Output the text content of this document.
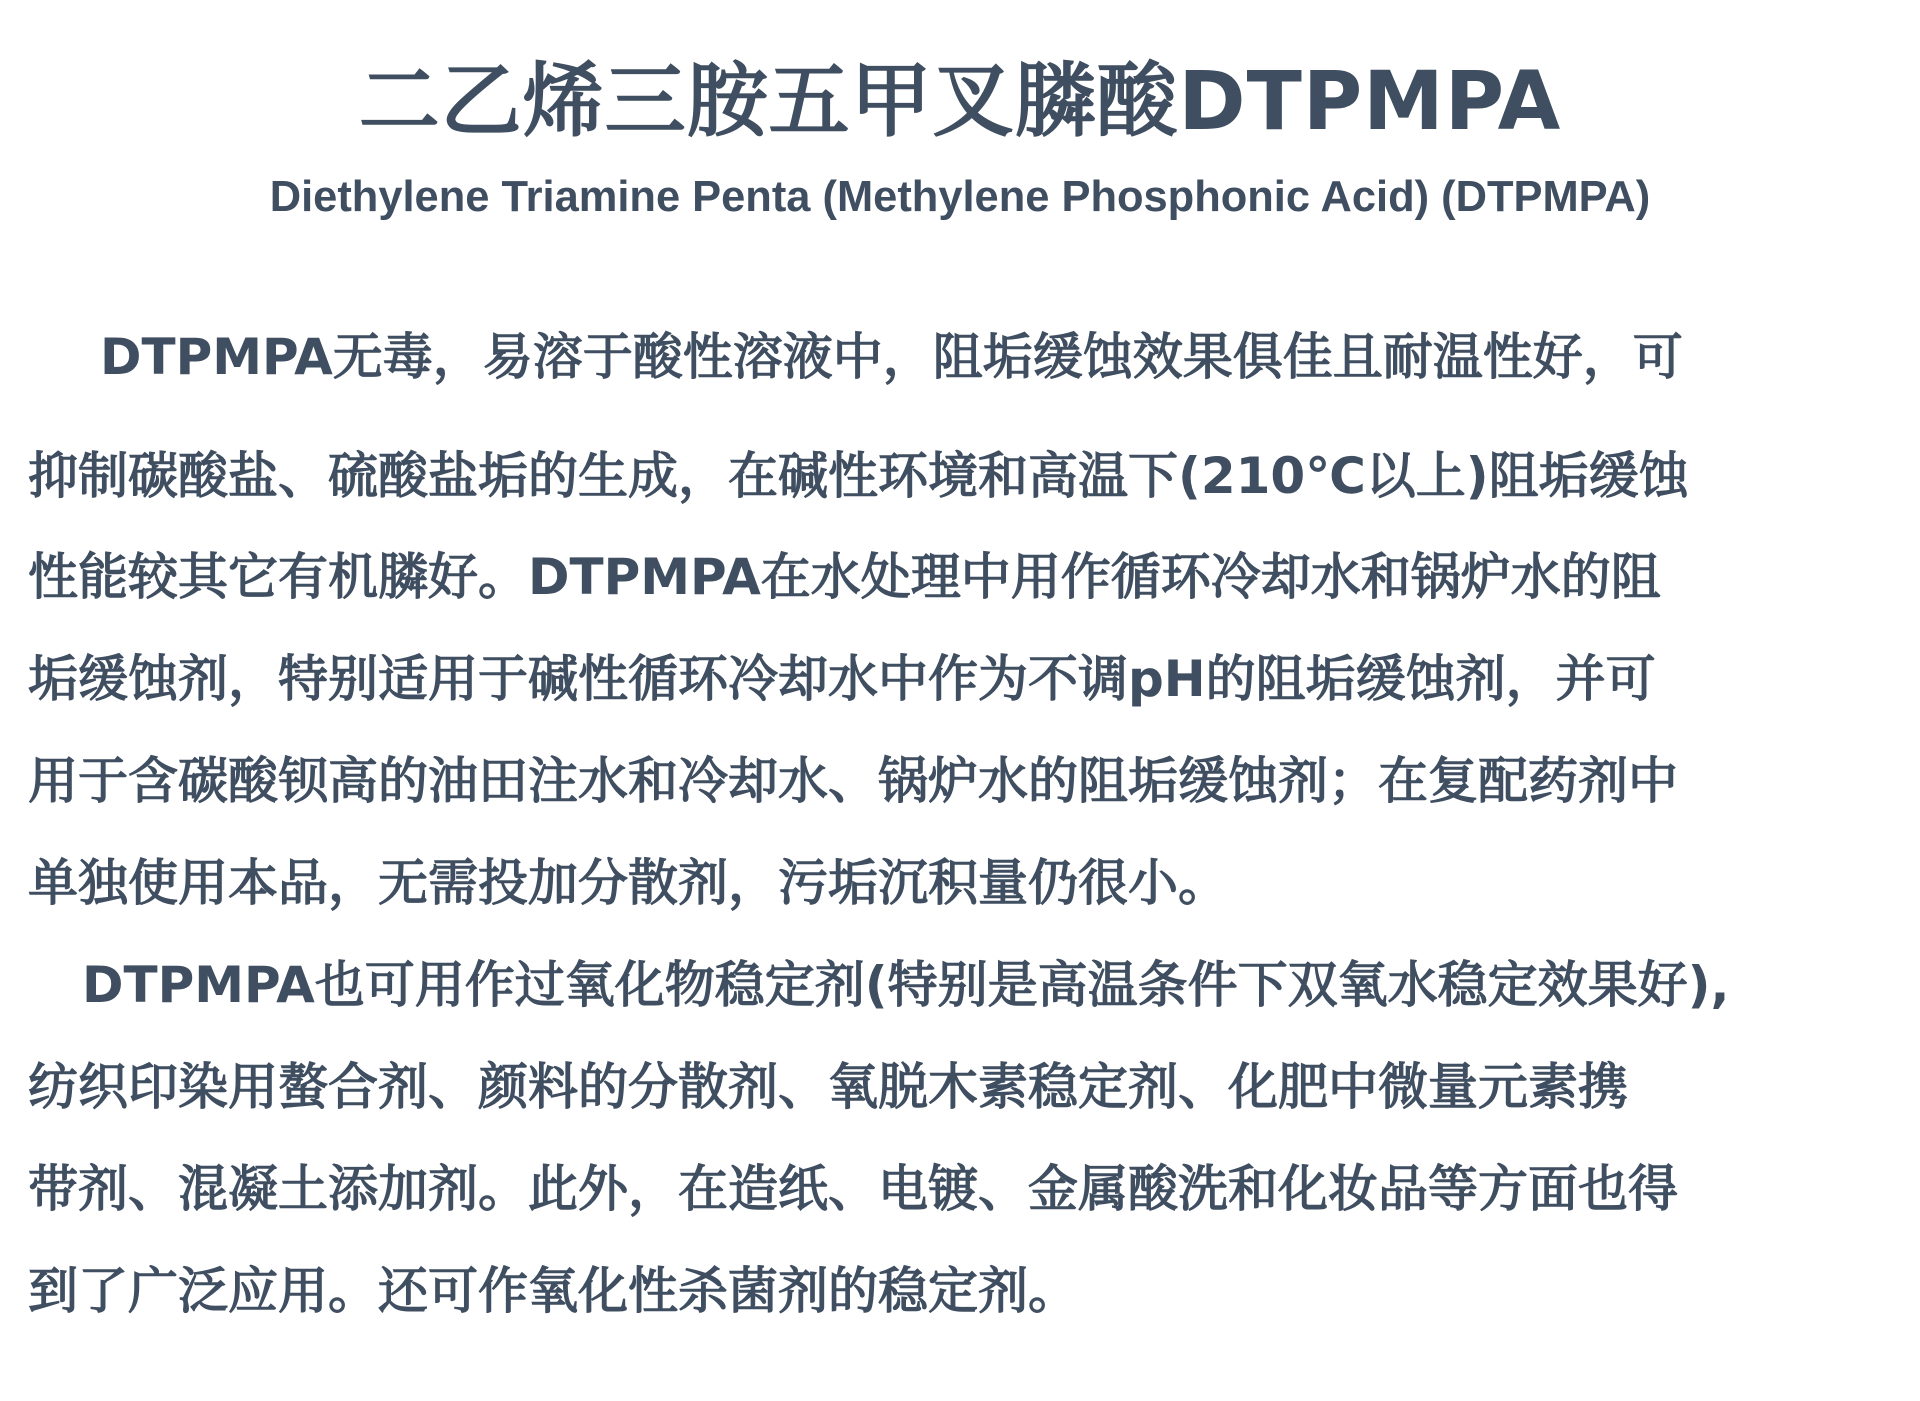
二乙烯三胺五甲叉膦酸DTPMPA
Diethylene Triamine Penta (Methylene Phosphonic Acid) (DTPMPA)
DTPMPA无毒，易溶于酸性溶液中，阻垢缓蚀效果俱佳且耐温性好，可
抑制碳酸盐、硫酸盐垢的生成，在碱性环境和高温下(210℃以上)阻垢缓蚀
性能较其它有机膦好。DTPMPA在水处理中用作循环冷却水和锅炉水的阻
垢缓蚀剂，特别适用于碱性循环冷却水中作为不调pH的阻垢缓蚀剂，并可
用于含碳酸钡高的油田注水和冷却水、锅炉水的阻垢缓蚀剂；在复配药剂中
单独使用本品，无需投加分散剂，污垢沉积量仍很小。
DTPMPA也可用作过氧化物稳定剂(特别是高温条件下双氧水稳定效果好),
纺织印染用螯合剂、颜料的分散剂、氧脱木素稳定剂、化肥中微量元素携
带剂、混凝土添加剂。此外，在造纸、电镀、金属酸洗和化妆品等方面也得
到了广泛应用。还可作氧化性杀菌剂的稳定剂。
